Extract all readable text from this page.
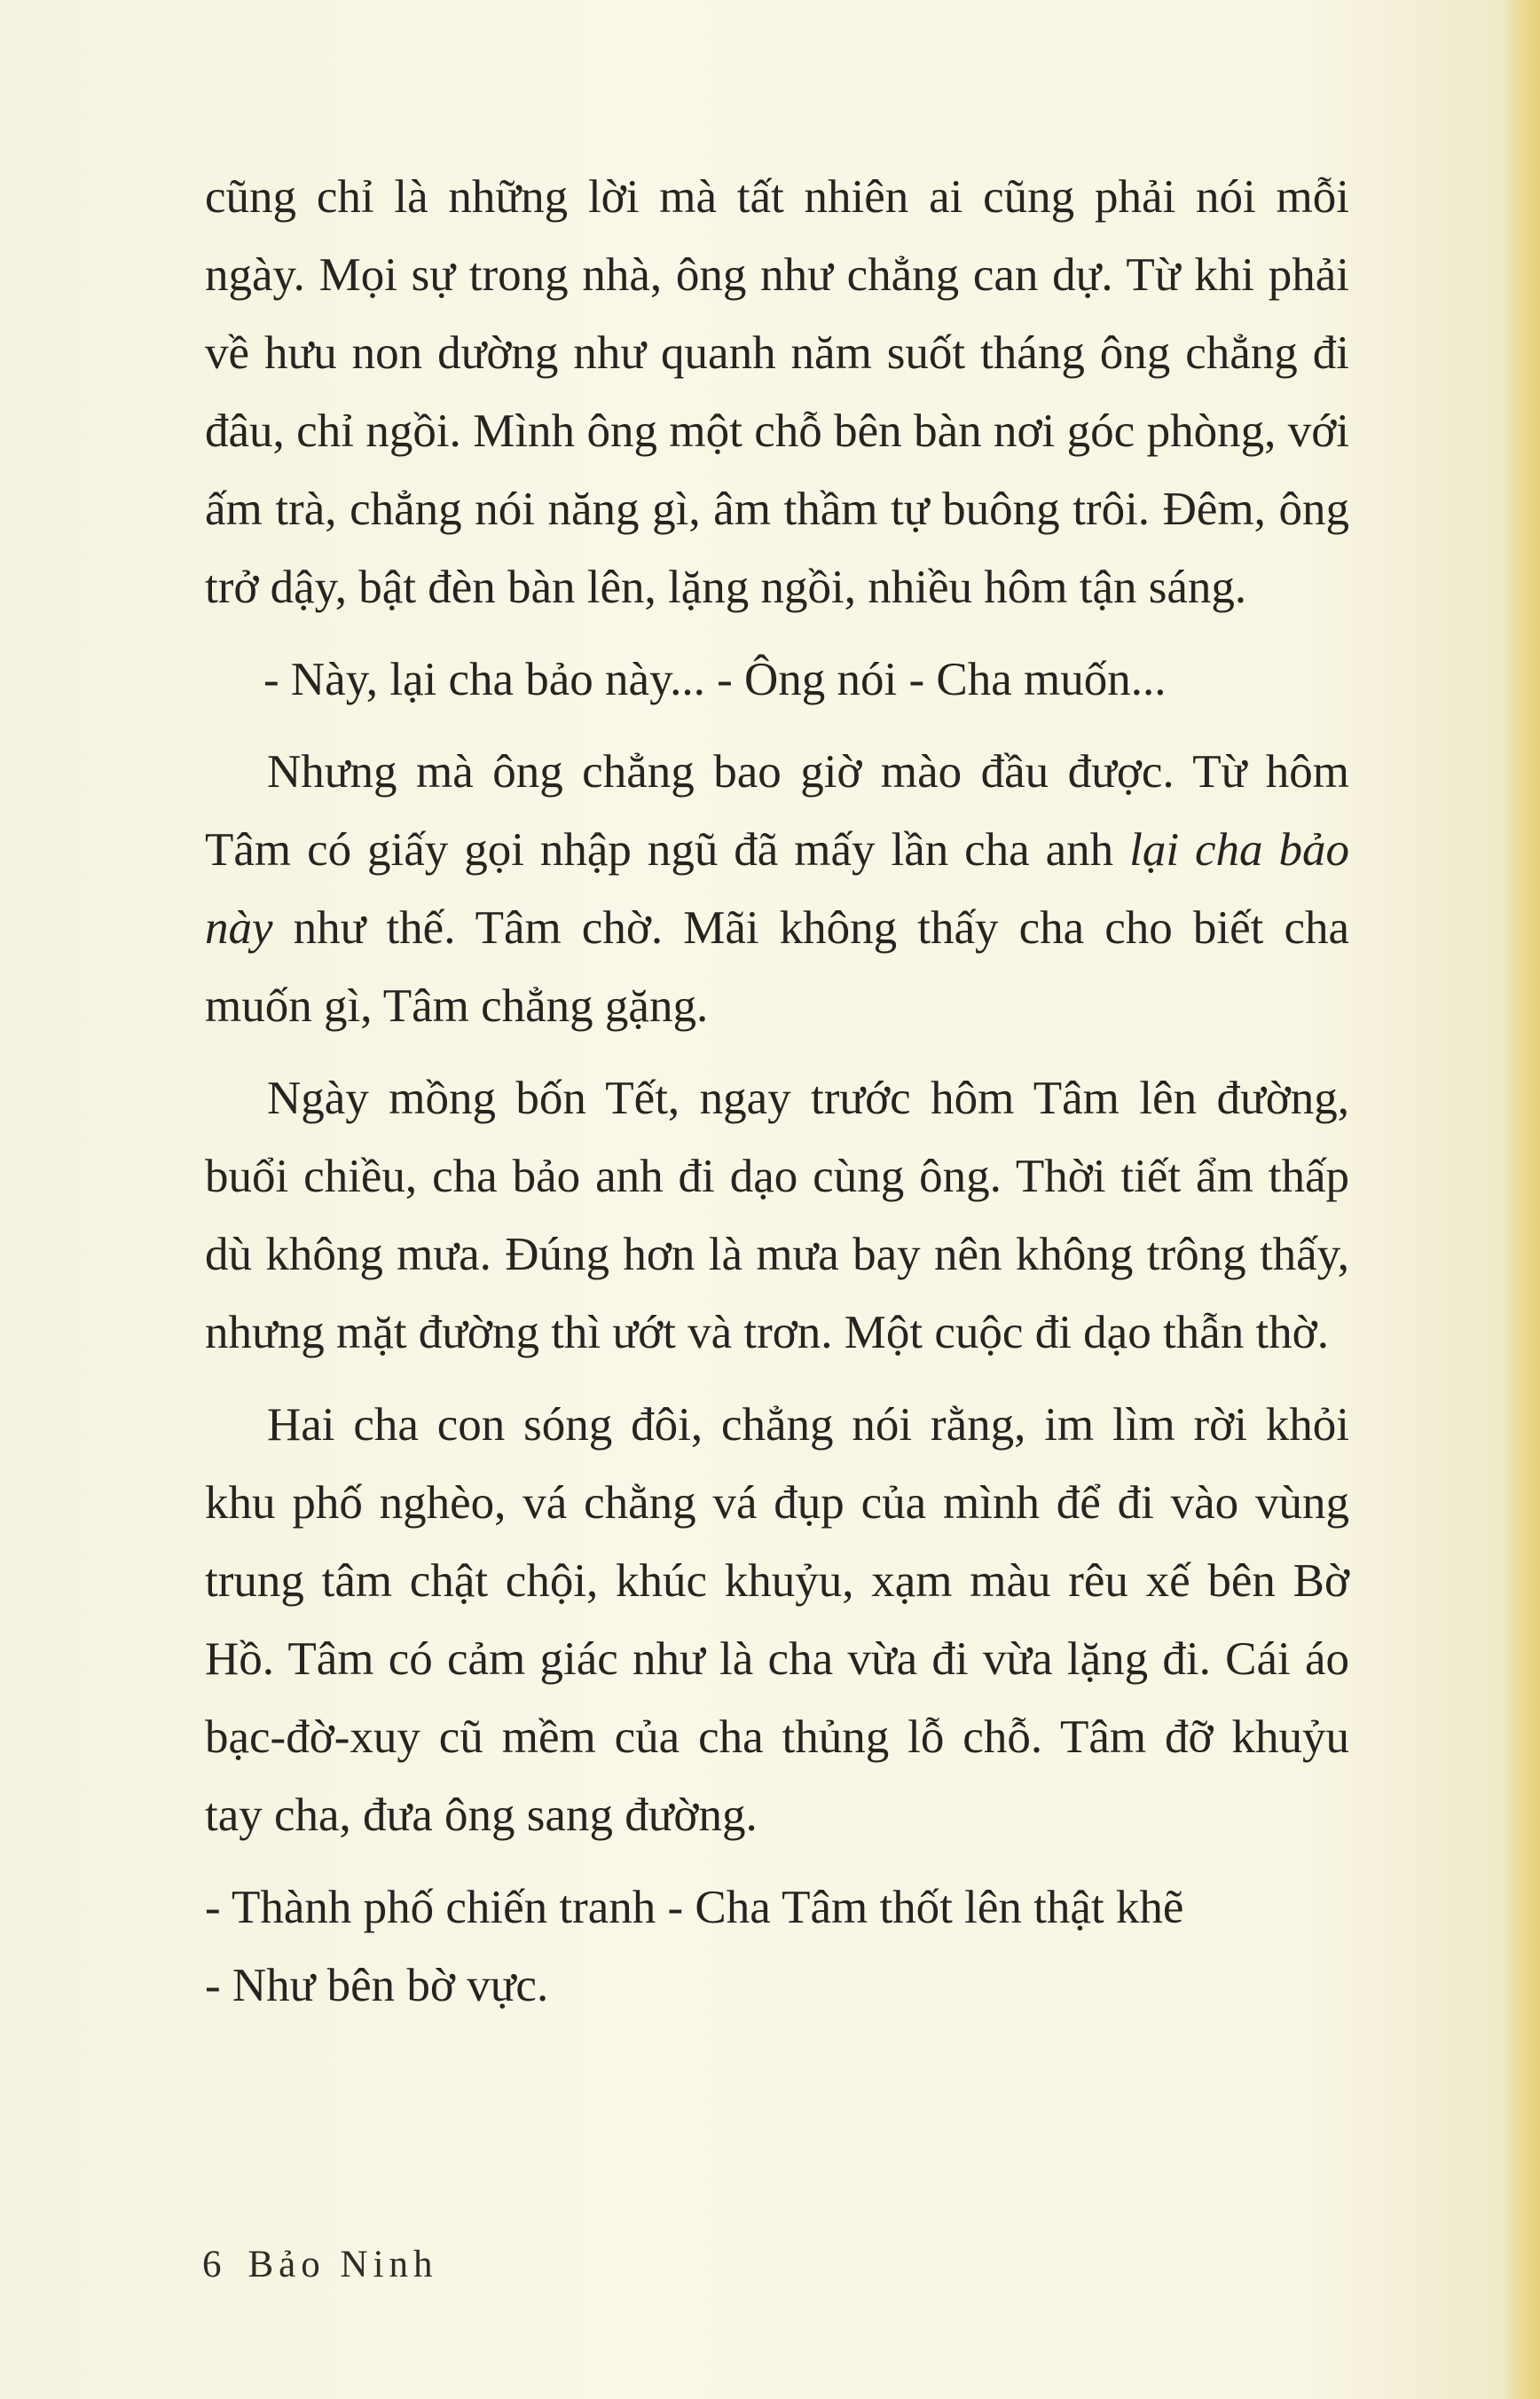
cũng chỉ là những lời mà tất nhiên ai cũng phải nói mỗi ngày. Mọi sự trong nhà, ông như chẳng can dự. Từ khi phải về hưu non dường như quanh năm suốt tháng ông chẳng đi đâu, chỉ ngồi. Mình ông một chỗ bên bàn nơi góc phòng, với ấm trà, chẳng nói năng gì, âm thầm tự buông trôi. Đêm, ông trở dậy, bật đèn bàn lên, lặng ngồi, nhiều hôm tận sáng.

- Này, lại cha bảo này... - Ông nói - Cha muốn...

Nhưng mà ông chẳng bao giờ mào đầu được. Từ hôm Tâm có giấy gọi nhập ngũ đã mấy lần cha anh lại cha bảo này như thế. Tâm chờ. Mãi không thấy cha cho biết cha muốn gì, Tâm chẳng gặng.

Ngày mồng bốn Tết, ngay trước hôm Tâm lên đường, buổi chiều, cha bảo anh đi dạo cùng ông. Thời tiết ẩm thấp dù không mưa. Đúng hơn là mưa bay nên không trông thấy, nhưng mặt đường thì ướt và trơn. Một cuộc đi dạo thẫn thờ.

Hai cha con sóng đôi, chẳng nói rằng, im lìm rời khỏi khu phố nghèo, vá chằng vá đụp của mình để đi vào vùng trung tâm chật chội, khúc khuỷu, xạm màu rêu xế bên Bờ Hồ. Tâm có cảm giác như là cha vừa đi vừa lặng đi. Cái áo bạc-đờ-xuy cũ mềm của cha thủng lỗ chỗ. Tâm đỡ khuỷu tay cha, đưa ông sang đường.

- Thành phố chiến tranh - Cha Tâm thốt lên thật khẽ
- Như bên bờ vực.

6 Bảo Ninh
